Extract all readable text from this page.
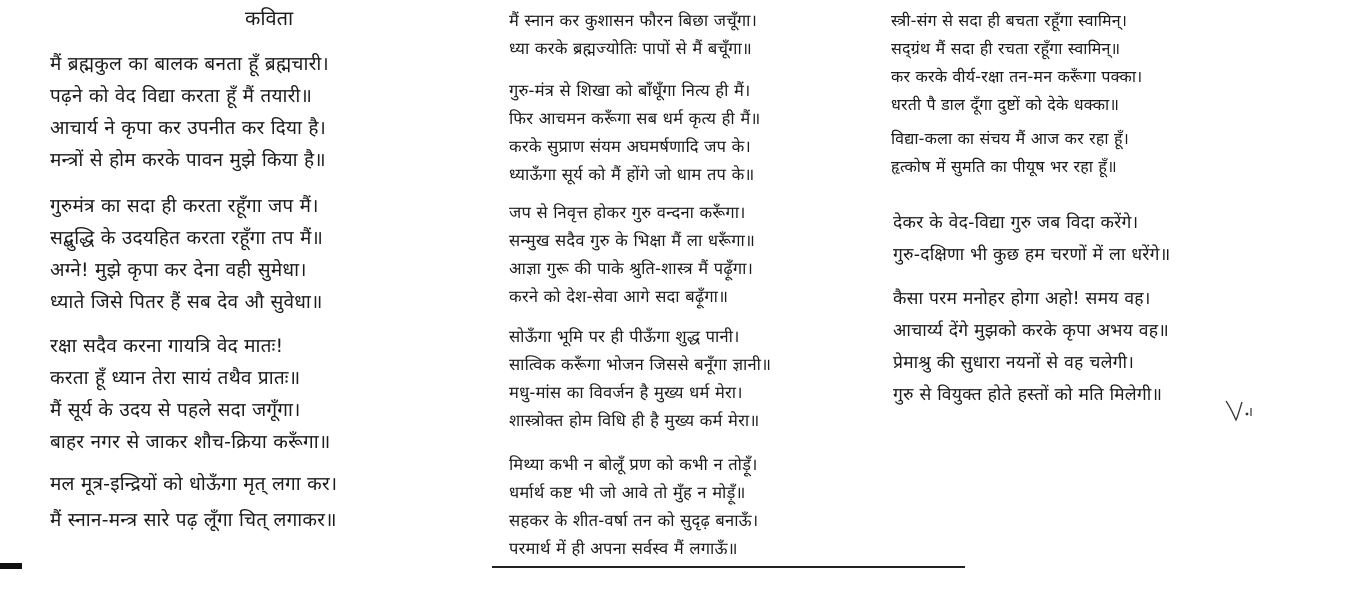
कविता
मैं ब्रह्मकुल का बालक बनता हूँ ब्रह्मचारी।
पढ़ने को वेद विद्या करता हूँ मैं तयारी॥
आचार्य ने कृपा कर उपनीत कर दिया है।
मन्त्रों से होम करके पावन मुझे किया है॥
गुरुमंत्र का सदा ही करता रहूँगा जप मैं।
सद्बुद्धि के उदयहित करता रहूँगा तप मैं॥
अग्ने! मुझे कृपा कर देना वही सुमेधा।
ध्याते जिसे पितर हैं सब देव औ सुवेधा॥
रक्षा सदैव करना गायत्रि वेद मातः!
करता हूँ ध्यान तेरा सायं तथैव प्रातः॥
मैं सूर्य के उदय से पहले सदा जगूँगा।
बाहर नगर से जाकर शौच-क्रिया करूँगा॥
मल मूत्र-इन्द्रियों को धोऊँगा मृत् लगा कर।
मैं स्नान-मन्त्र सारे पढ़ लूँगा चित् लगाकर॥
मैं स्नान कर कुशासन फौरन बिछा जचूँगा।
ध्या करके ब्रह्मज्योतिः पापों से मैं बचूँगा॥
गुरु-मंत्र से शिखा को बाँधूँगा नित्य ही मैं।
फिर आचमन करूँगा सब धर्म कृत्य ही मैं॥
करके सुप्राण संयम अघमर्षणादि जप के।
ध्याऊँगा सूर्य को मैं होंगे जो धाम तप के॥
जप से निवृत्त होकर गुरु वन्दना करूँगा।
सन्मुख सदैव गुरु के भिक्षा मैं ला धरूँगा॥
आज्ञा गुरू की पाके श्रुति-शास्त्र मैं पढ़ूँगा।
करने को देश-सेवा आगे सदा बढ़ूँगा॥
सोऊँगा भूमि पर ही पीऊँगा शुद्ध पानी।
सात्विक करूँगा भोजन जिससे बनूँगा ज्ञानी॥
मधु-मांस का विवर्जन है मुख्य धर्म मेरा।
शास्त्रोक्त होम विधि ही है मुख्य कर्म मेरा॥
मिथ्या कभी न बोलूँ प्रण को कभी न तोड़ूँ।
धर्मार्थ कष्ट भी जो आवे तो मुँह न मोड़ूँ॥
सहकर के शीत-वर्षा तन को सुदृढ़ बनाऊँ।
परमार्थ में ही अपना सर्वस्व मैं लगाऊँ॥
स्त्री-संग से सदा ही बचता रहूँगा स्वामिन्।
सद्ग्रंथ मैं सदा ही रचता रहूँगा स्वामिन्॥
कर करके वीर्य-रक्षा तन-मन करूँगा पक्का।
धरती पै डाल दूँगा दुष्टों को देके धक्का॥
विद्या-कला का संचय मैं आज कर रहा हूँ।
हृत्कोष में सुमति का पीयूष भर रहा हूँ॥
देकर के वेद-विद्या गुरु जब विदा करेंगे।
गुरु-दक्षिणा भी कुछ हम चरणों में ला धरेंगे॥
कैसा परम मनोहर होगा अहो! समय वह।
आचार्य्य देंगे मुझको करके कृपा अभय वह॥
प्रेमाश्रु की सुधारा नयनों से वह चलेगी।
गुरु से वियुक्त होते हस्तों को मति मिलेगी॥
